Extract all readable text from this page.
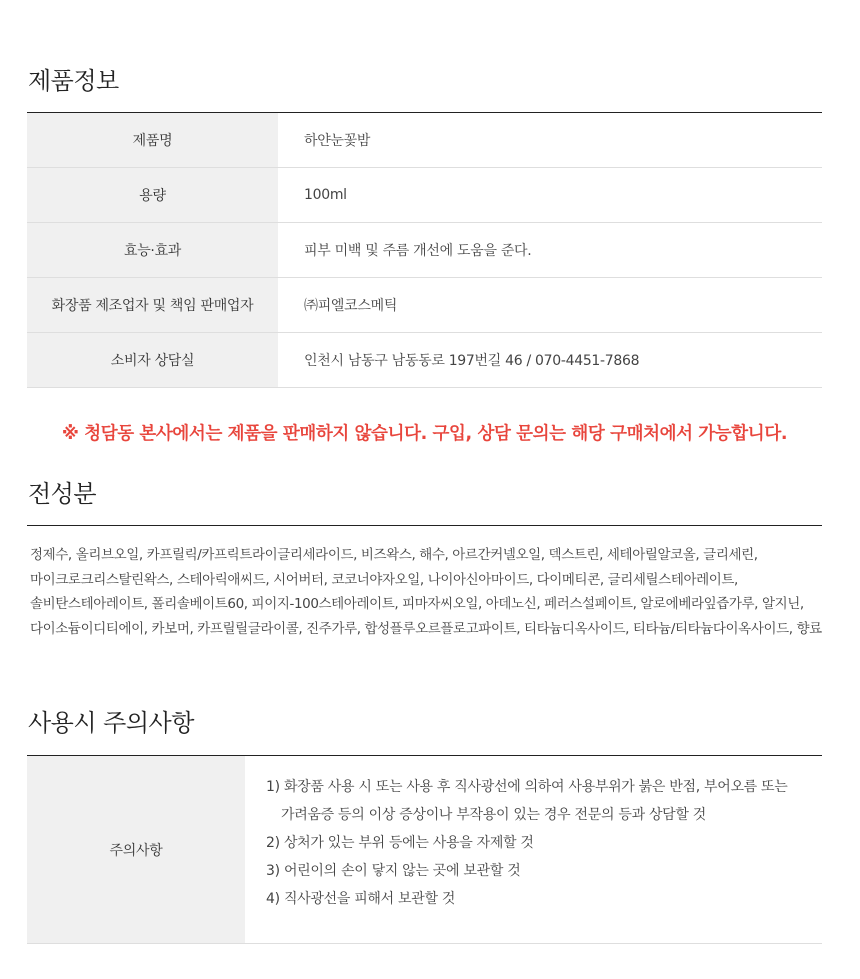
제품정보
제품명	하얀눈꽃밤
용량	100ml
효능·효과	피부 미백 및 주름 개선에 도움을 준다.
화장품 제조업자 및 책임 판매업자	㈜피엘코스메틱
소비자 상담실	인천시 남동구 남동동로 197번길 46 / 070-4451-7868
※ 청담동 본사에서는 제품을 판매하지 않습니다. 구입, 상담 문의는 해당 구매처에서 가능합니다.
전성분

정제수, 올리브오일, 카프릴릭/카프릭트라이글리세라이드, 비즈왁스, 해수, 아르간커넬오일, 덱스트린, 세테아릴알코올, 글리세린, 마이크로크리스탈린왁스, 스테아릭애씨드, 시어버터, 코코너야자오일, 나이아신아마이드, 다이메티콘, 글리세릴스테아레이트, 솔비탄스테아레이트, 폴리솔베이트60, 피이지-100스테아레이트, 피마자씨오일, 아데노신, 페러스설페이트, 알로에베라잎즙가루, 알지닌, 다이소듐이디티에이, 카보머, 카프릴릴글라이콜, 진주가루, 합성플루오르플로고파이트, 티타늄디옥사이드, 티타늄/티타늄다이옥사이드, 향료

사용시 주의사항
주의사항	
1) 화장품 사용 시 또는 사용 후 직사광선에 의하여 사용부위가 붉은 반점, 부어오름 또는
가려움증 등의 이상 증상이나 부작용이 있는 경우 전문의 등과 상담할 것
2) 상처가 있는 부위 등에는 사용을 자제할 것
3) 어린이의 손이 닿지 않는 곳에 보관할 것
4) 직사광선을 피해서 보관할 것
